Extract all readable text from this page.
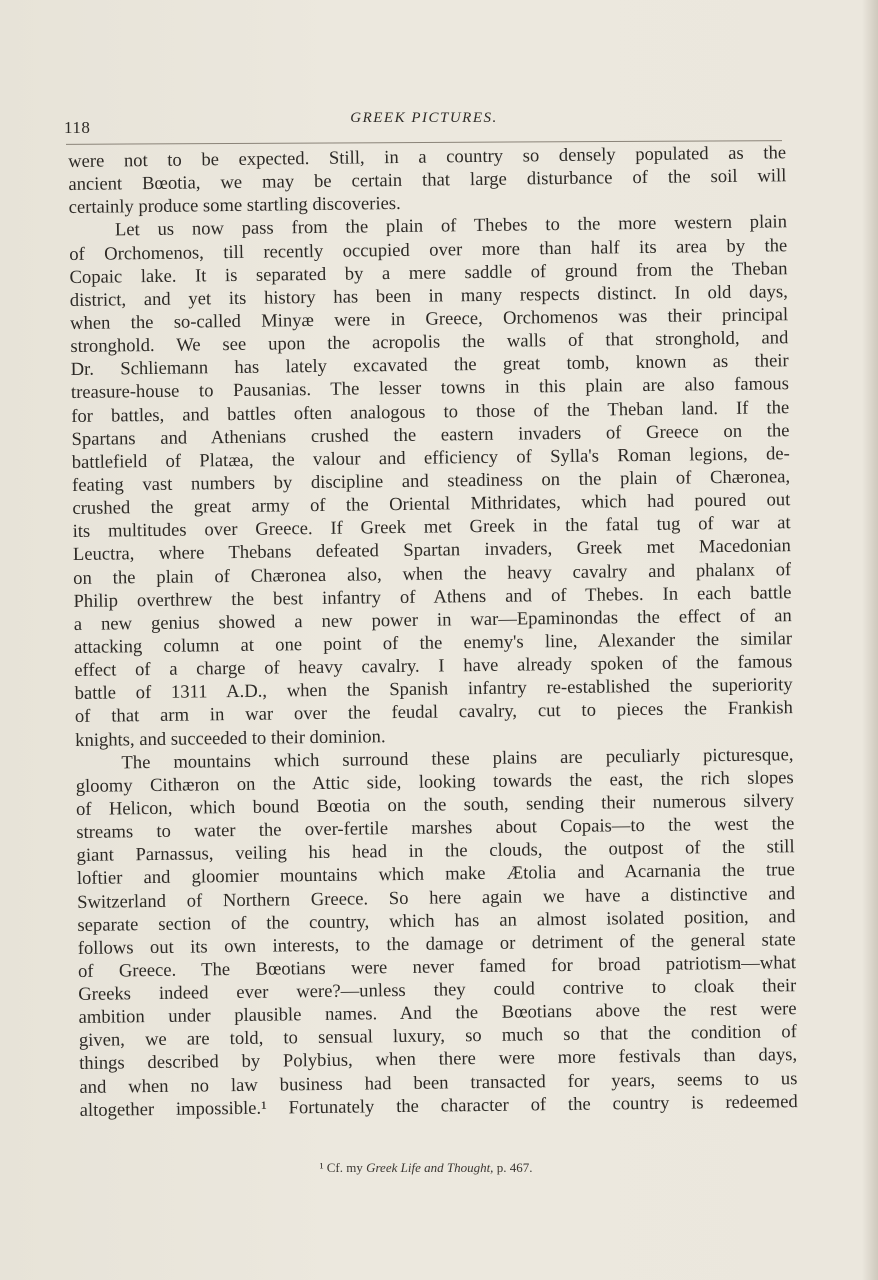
118	GREEK PICTURES.
were not to be expected. Still, in a country so densely populated as the
ancient Bœotia, we may be certain that large disturbance of the soil will
certainly produce some startling discoveries.
Let us now pass from the plain of Thebes to the more western plain
of Orchomenos, till recently occupied over more than half its area by the
Copaic lake. It is separated by a mere saddle of ground from the Theban
district, and yet its history has been in many respects distinct. In old days,
when the so-called Minyæ were in Greece, Orchomenos was their principal
stronghold. We see upon the acropolis the walls of that stronghold, and
Dr. Schliemann has lately excavated the great tomb, known as their
treasure-house to Pausanias. The lesser towns in this plain are also famous
for battles, and battles often analogous to those of the Theban land. If the
Spartans and Athenians crushed the eastern invaders of Greece on the
battlefield of Platæa, the valour and efficiency of Sylla's Roman legions, de-
feating vast numbers by discipline and steadiness on the plain of Chæronea,
crushed the great army of the Oriental Mithridates, which had poured out
its multitudes over Greece. If Greek met Greek in the fatal tug of war at
Leuctra, where Thebans defeated Spartan invaders, Greek met Macedonian
on the plain of Chæronea also, when the heavy cavalry and phalanx of
Philip overthrew the best infantry of Athens and of Thebes. In each battle
a new genius showed a new power in war—Epaminondas the effect of an
attacking column at one point of the enemy's line, Alexander the similar
effect of a charge of heavy cavalry. I have already spoken of the famous
battle of 1311 A.D., when the Spanish infantry re-established the superiority
of that arm in war over the feudal cavalry, cut to pieces the Frankish
knights, and succeeded to their dominion.
The mountains which surround these plains are peculiarly picturesque,
gloomy Cithæron on the Attic side, looking towards the east, the rich slopes
of Helicon, which bound Bœotia on the south, sending their numerous silvery
streams to water the over-fertile marshes about Copais—to the west the
giant Parnassus, veiling his head in the clouds, the outpost of the still
loftier and gloomier mountains which make Ætolia and Acarnania the true
Switzerland of Northern Greece. So here again we have a distinctive and
separate section of the country, which has an almost isolated position, and
follows out its own interests, to the damage or detriment of the general state
of Greece. The Bœotians were never famed for broad patriotism—what
Greeks indeed ever were?—unless they could contrive to cloak their
ambition under plausible names. And the Bœotians above the rest were
given, we are told, to sensual luxury, so much so that the condition of
things described by Polybius, when there were more festivals than days,
and when no law business had been transacted for years, seems to us
altogether impossible.¹ Fortunately the character of the country is redeemed
¹ Cf. my Greek Life and Thought, p. 467.
